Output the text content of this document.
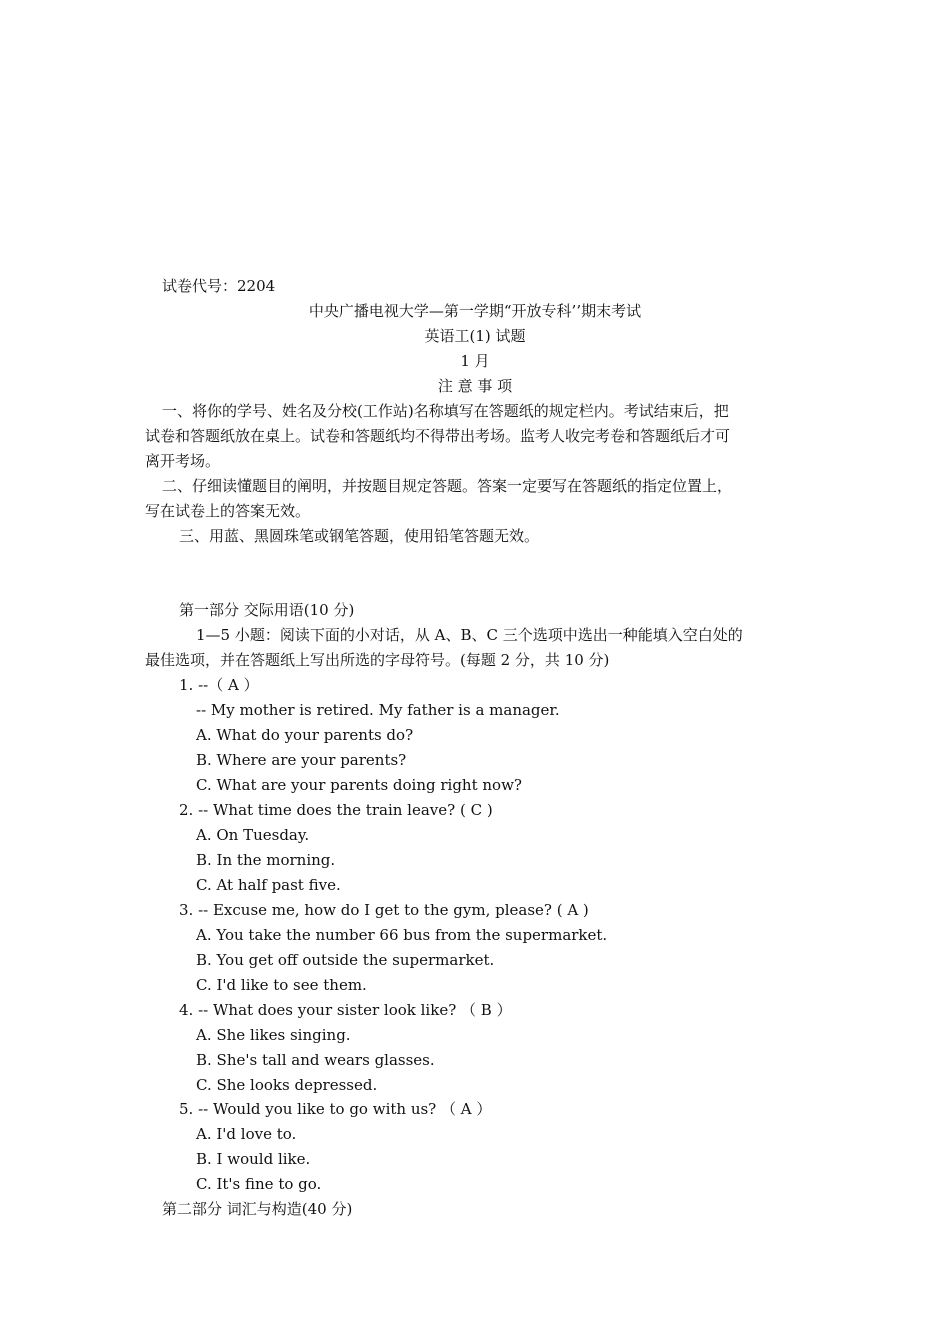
试卷代号：2204
中央广播电视大学—第一学期“开放专科’’期末考试
英语工(1) 试题
1 月
注 意 事 项
一、将你的学号、姓名及分校(工作站)名称填写在答题纸的规定栏内。考试结束后，把
试卷和答题纸放在桌上。试卷和答题纸均不得带出考场。监考人收完考卷和答题纸后才可
离开考场。
二、仔细读懂题目的阐明，并按题目规定答题。答案一定要写在答题纸的指定位置上，
写在试卷上的答案无效。
三、用蓝、黑圆珠笔或钢笔答题，使用铅笔答题无效。
第一部分 交际用语(10 分)
1—5 小题：阅读下面的小对话，从 A、B、C 三个选项中选出一种能填入空白处的
最佳选项，并在答题纸上写出所选的字母符号。(每题 2 分，共 10 分)
1. --（ A ）
-- My mother is retired. My father is a manager.
A. What do your parents do?
B. Where are your parents?
C. What are your parents doing right now?
2. -- What time does the train leave? ( C )
A. On Tuesday.
B. In the morning.
C. At half past five.
3. -- Excuse me, how do I get to the gym, please? ( A )
A. You take the number 66 bus from the supermarket.
B. You get off outside the supermarket.
C. I'd like to see them.
4. -- What does your sister look like? （ B ）
A. She likes singing.
B. She's tall and wears glasses.
C. She looks depressed.
5. -- Would you like to go with us? （ A ）
A. I'd love to.
B. I would like.
C. It's fine to go.
第二部分 词汇与构造(40 分)
